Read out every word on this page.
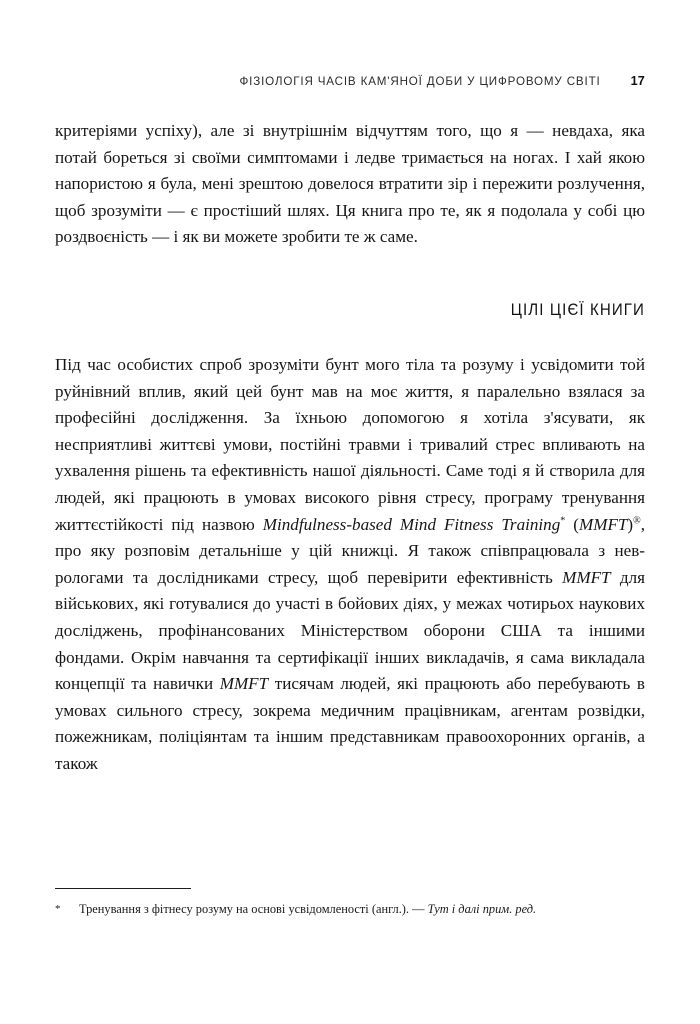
ФІЗІОЛОГІЯ ЧАСІВ КАМ'ЯНОЇ ДОБИ У ЦИФРОВОМУ СВІТІ 17

критеріями успіху), але зі внутрішнім відчуттям того, що я — невдаха, яка потай бореться зі своїми симптомами і ледве тримається на ногах. І хай якою напористою я була, мені зрештою довелося втратити зір і пережити розлучення, щоб зрозуміти — є простіший шлях. Ця книга про те, як я подолала у собі цю роздвоєність — і як ви можете зробити те ж саме.

ЦІЛІ ЦІЄЇ КНИГИ

Під час особистих спроб зрозуміти бунт мого тіла та розуму і усвідомити той руйнівний вплив, який цей бунт мав на моє життя, я паралельно взялася за професійні дослідження. За їхньою допомогою я хотіла з'ясувати, як несприятливі життєві умови, постійні травми і тривалий стрес впливають на ухвалення рішень та ефективність нашої діяльності. Саме тоді я й створила для людей, які працюють в умовах високого рівня стресу, програму тренування життєстійкості під назвою Mindfulness-based Mind Fitness Training* (MMFT)®, про яку розповім детальніше у цій книжці. Я також співпрацювала з неврологами та дослідниками стресу, щоб перевірити ефективність MMFT для військових, які готувалися до участі в бойових діях, у межах чотирьох наукових досліджень, профінансованих Міністерством оборони США та іншими фондами. Окрім навчання та сертифікації інших викладачів, я сама викладала концепції та навички MMFT тисячам людей, які працюють або перебувають в умовах сильного стресу, зокрема медичним працівникам, агентам розвідки, пожежникам, поліціянтам та іншим представникам правоохоронних органів, а також

*	Тренування з фітнесу розуму на основі усвідомленості (англ.). — Тут і далі прим. ред.
